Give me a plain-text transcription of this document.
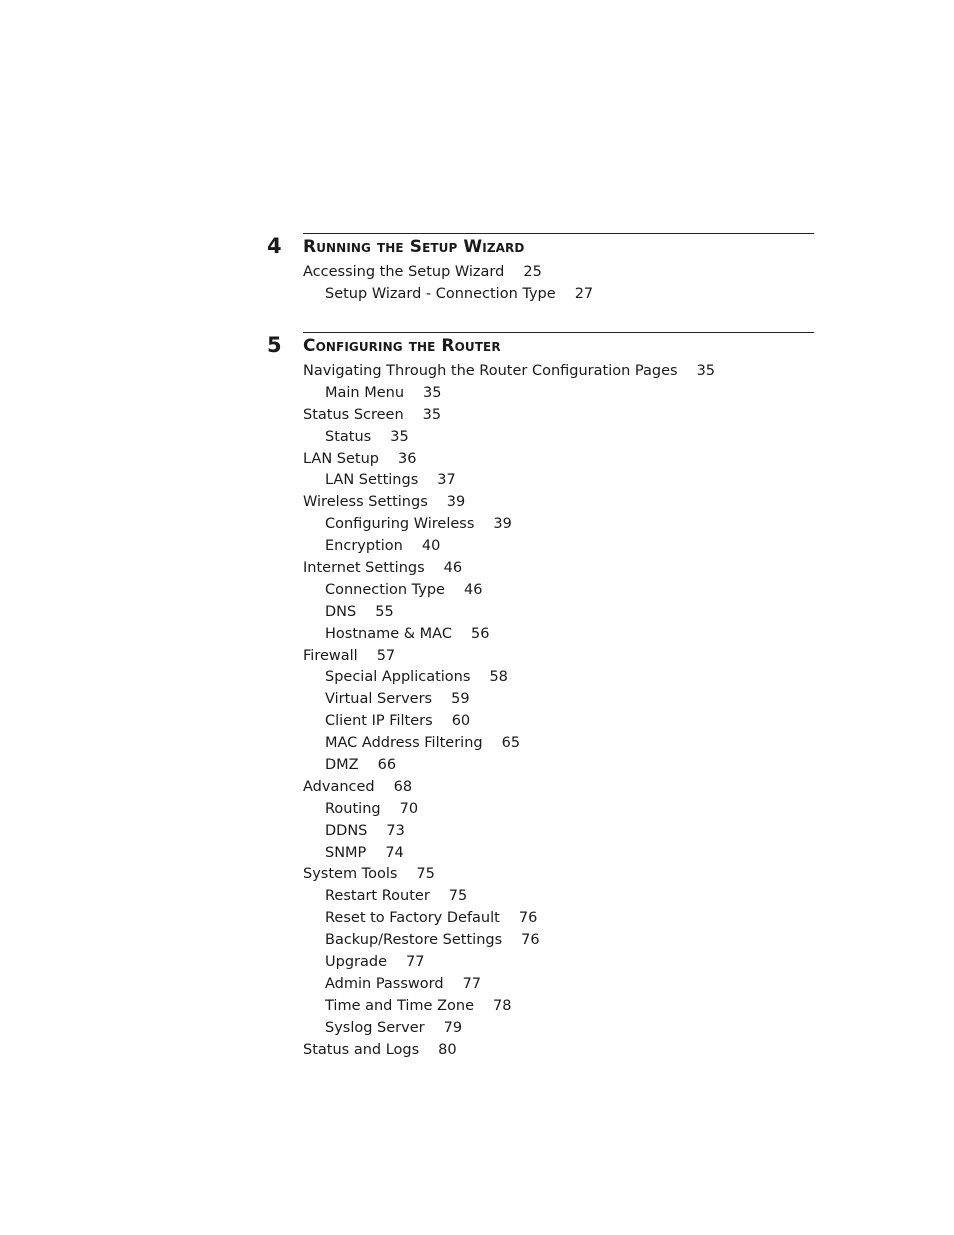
4 Running the Setup Wizard
Accessing the Setup Wizard 25
Setup Wizard - Connection Type 27
5 Configuring the Router
Navigating Through the Router Configuration Pages 35
Main Menu 35
Status Screen 35
Status 35
LAN Setup 36
LAN Settings 37
Wireless Settings 39
Configuring Wireless 39
Encryption 40
Internet Settings 46
Connection Type 46
DNS 55
Hostname & MAC 56
Firewall 57
Special Applications 58
Virtual Servers 59
Client IP Filters 60
MAC Address Filtering 65
DMZ 66
Advanced 68
Routing 70
DDNS 73
SNMP 74
System Tools 75
Restart Router 75
Reset to Factory Default 76
Backup/Restore Settings 76
Upgrade 77
Admin Password 77
Time and Time Zone 78
Syslog Server 79
Status and Logs 80
